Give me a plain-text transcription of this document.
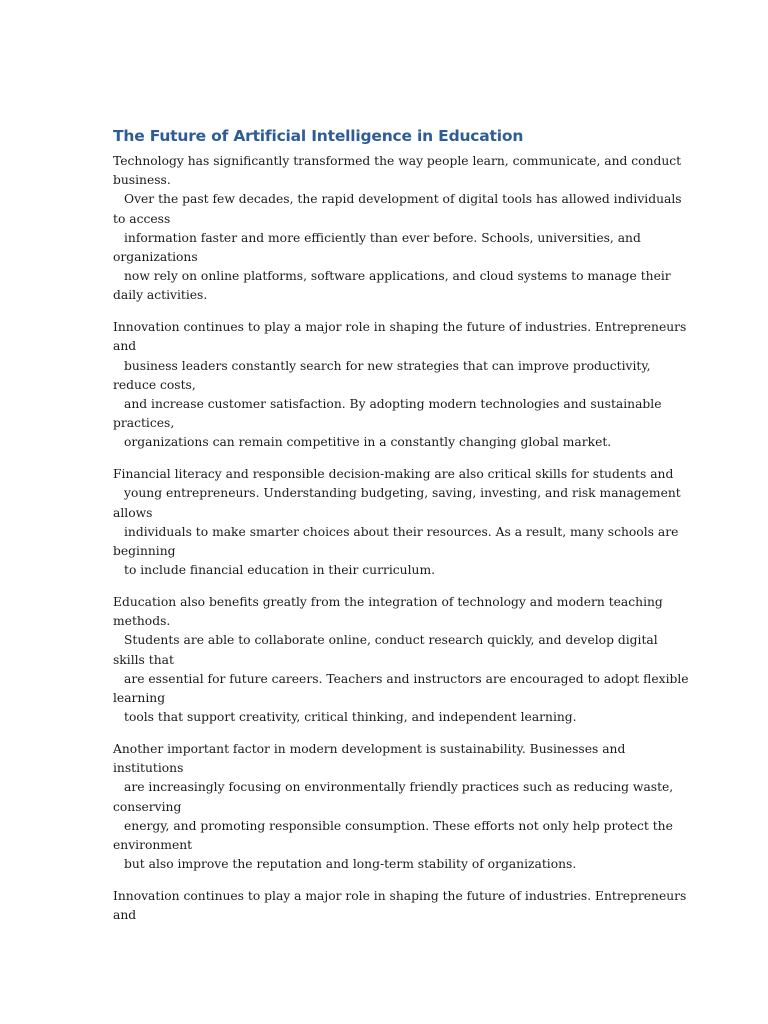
The Future of Artificial Intelligence in Education

Technology has significantly transformed the way people learn, communicate, and conduct
business.
Over the past few decades, the rapid development of digital tools has allowed individuals
to access
information faster and more efficiently than ever before. Schools, universities, and
organizations
now rely on online platforms, software applications, and cloud systems to manage their
daily activities.

Innovation continues to play a major role in shaping the future of industries. Entrepreneurs
and
business leaders constantly search for new strategies that can improve productivity,
reduce costs,
and increase customer satisfaction. By adopting modern technologies and sustainable
practices,
organizations can remain competitive in a constantly changing global market.

Financial literacy and responsible decision-making are also critical skills for students and
young entrepreneurs. Understanding budgeting, saving, investing, and risk management
allows
individuals to make smarter choices about their resources. As a result, many schools are
beginning
to include financial education in their curriculum.

Education also benefits greatly from the integration of technology and modern teaching
methods.
Students are able to collaborate online, conduct research quickly, and develop digital
skills that
are essential for future careers. Teachers and instructors are encouraged to adopt flexible
learning
tools that support creativity, critical thinking, and independent learning.

Another important factor in modern development is sustainability. Businesses and
institutions
are increasingly focusing on environmentally friendly practices such as reducing waste,
conserving
energy, and promoting responsible consumption. These efforts not only help protect the
environment
but also improve the reputation and long-term stability of organizations.

Innovation continues to play a major role in shaping the future of industries. Entrepreneurs
and
